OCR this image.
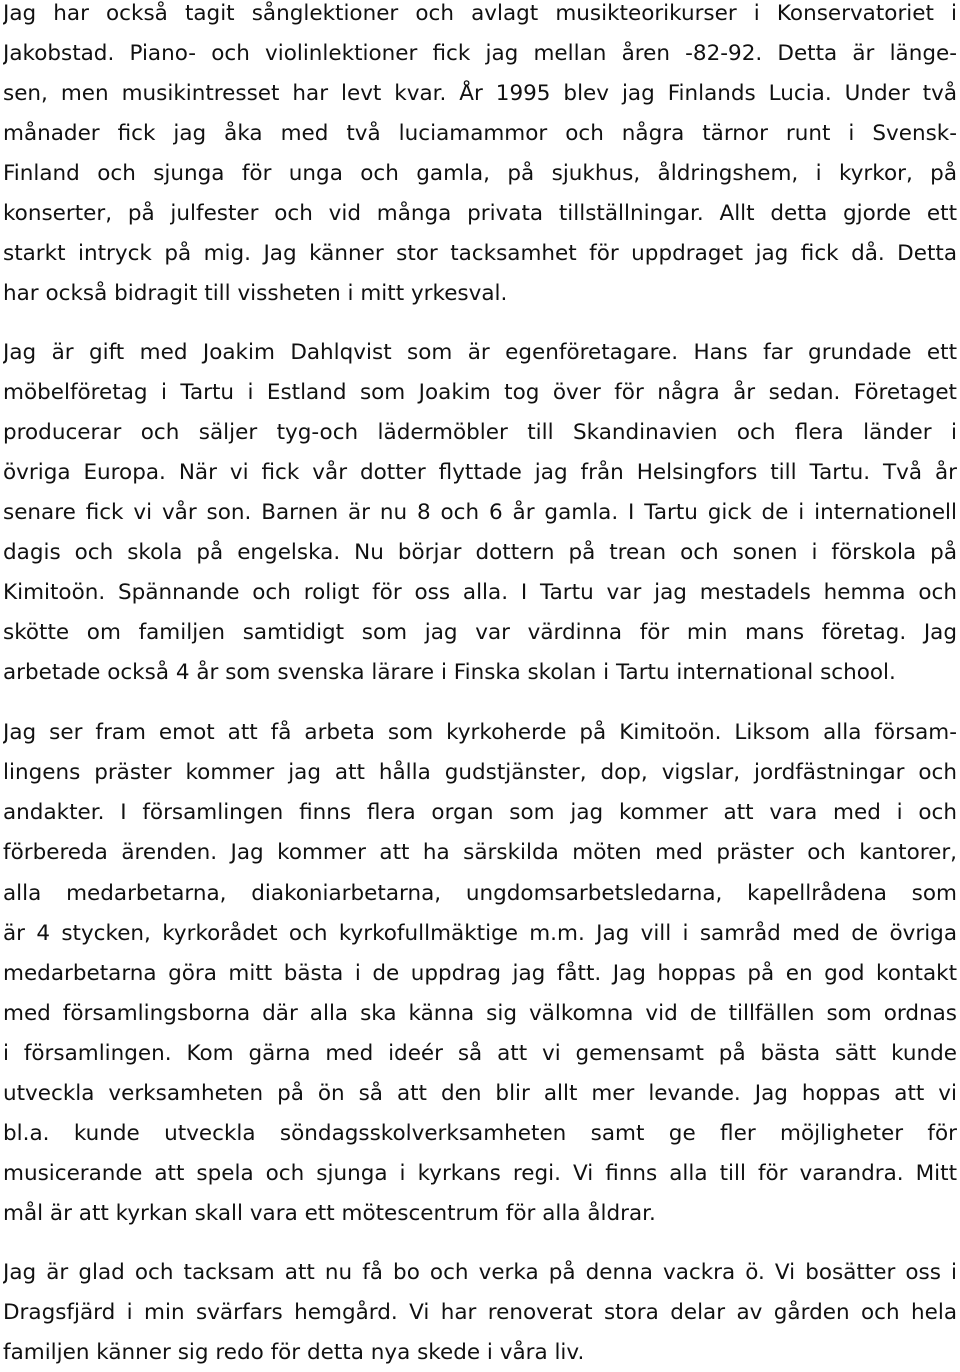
Jag har också tagit sånglektioner och avlagt musikteorikurser i Konservatoriet i
Jakobstad. Piano- och violinlektioner fick jag mellan åren -82-92. Detta är länge-
sen, men musikintresset har levt kvar. År 1995 blev jag Finlands Lucia. Under två
månader fick jag åka med två luciamammor och några tärnor runt i Svensk-
Finland och sjunga för unga och gamla, på sjukhus, åldringshem, i kyrkor, på
konserter, på julfester och vid många privata tillställningar. Allt detta gjorde ett
starkt intryck på mig. Jag känner stor tacksamhet för uppdraget jag fick då. Detta
har också bidragit till vissheten i mitt yrkesval.
Jag är gift med Joakim Dahlqvist som är egenföretagare. Hans far grundade ett
möbelföretag i Tartu i Estland som Joakim tog över för några år sedan. Företaget
producerar och säljer tyg-och lädermöbler till Skandinavien och flera länder i
övriga Europa. När vi fick vår dotter flyttade jag från Helsingfors till Tartu. Två år
senare fick vi vår son. Barnen är nu 8 och 6 år gamla. I Tartu gick de i internationell
dagis och skola på engelska. Nu börjar dottern på trean och sonen i förskola på
Kimitoön. Spännande och roligt för oss alla. I Tartu var jag mestadels hemma och
skötte om familjen samtidigt som jag var värdinna för min mans företag. Jag
arbetade också 4 år som svenska lärare i Finska skolan i Tartu international school.
Jag ser fram emot att få arbeta som kyrkoherde på Kimitoön. Liksom alla försam-
lingens präster kommer jag att hålla gudstjänster, dop, vigslar, jordfästningar och
andakter. I församlingen finns flera organ som jag kommer att vara med i och
förbereda ärenden. Jag kommer att ha särskilda möten med präster och kantorer,
alla medarbetarna, diakoniarbetarna, ungdomsarbetsledarna, kapellrådena som
är 4 stycken, kyrkorådet och kyrkofullmäktige m.m. Jag vill i samråd med de övriga
medarbetarna göra mitt bästa i de uppdrag jag fått. Jag hoppas på en god kontakt
med församlingsborna där alla ska känna sig välkomna vid de tillfällen som ordnas
i församlingen. Kom gärna med ideér så att vi gemensamt på bästa sätt kunde
utveckla verksamheten på ön så att den blir allt mer levande. Jag hoppas att vi
bl.a. kunde utveckla söndagsskolverksamheten samt ge fler möjligheter för
musicerande att spela och sjunga i kyrkans regi. Vi finns alla till för varandra. Mitt
mål är att kyrkan skall vara ett mötescentrum för alla åldrar.
Jag är glad och tacksam att nu få bo och verka på denna vackra ö. Vi bosätter oss i
Dragsfjärd i min svärfars hemgård. Vi har renoverat stora delar av gården och hela
familjen känner sig redo för detta nya skede i våra liv.
